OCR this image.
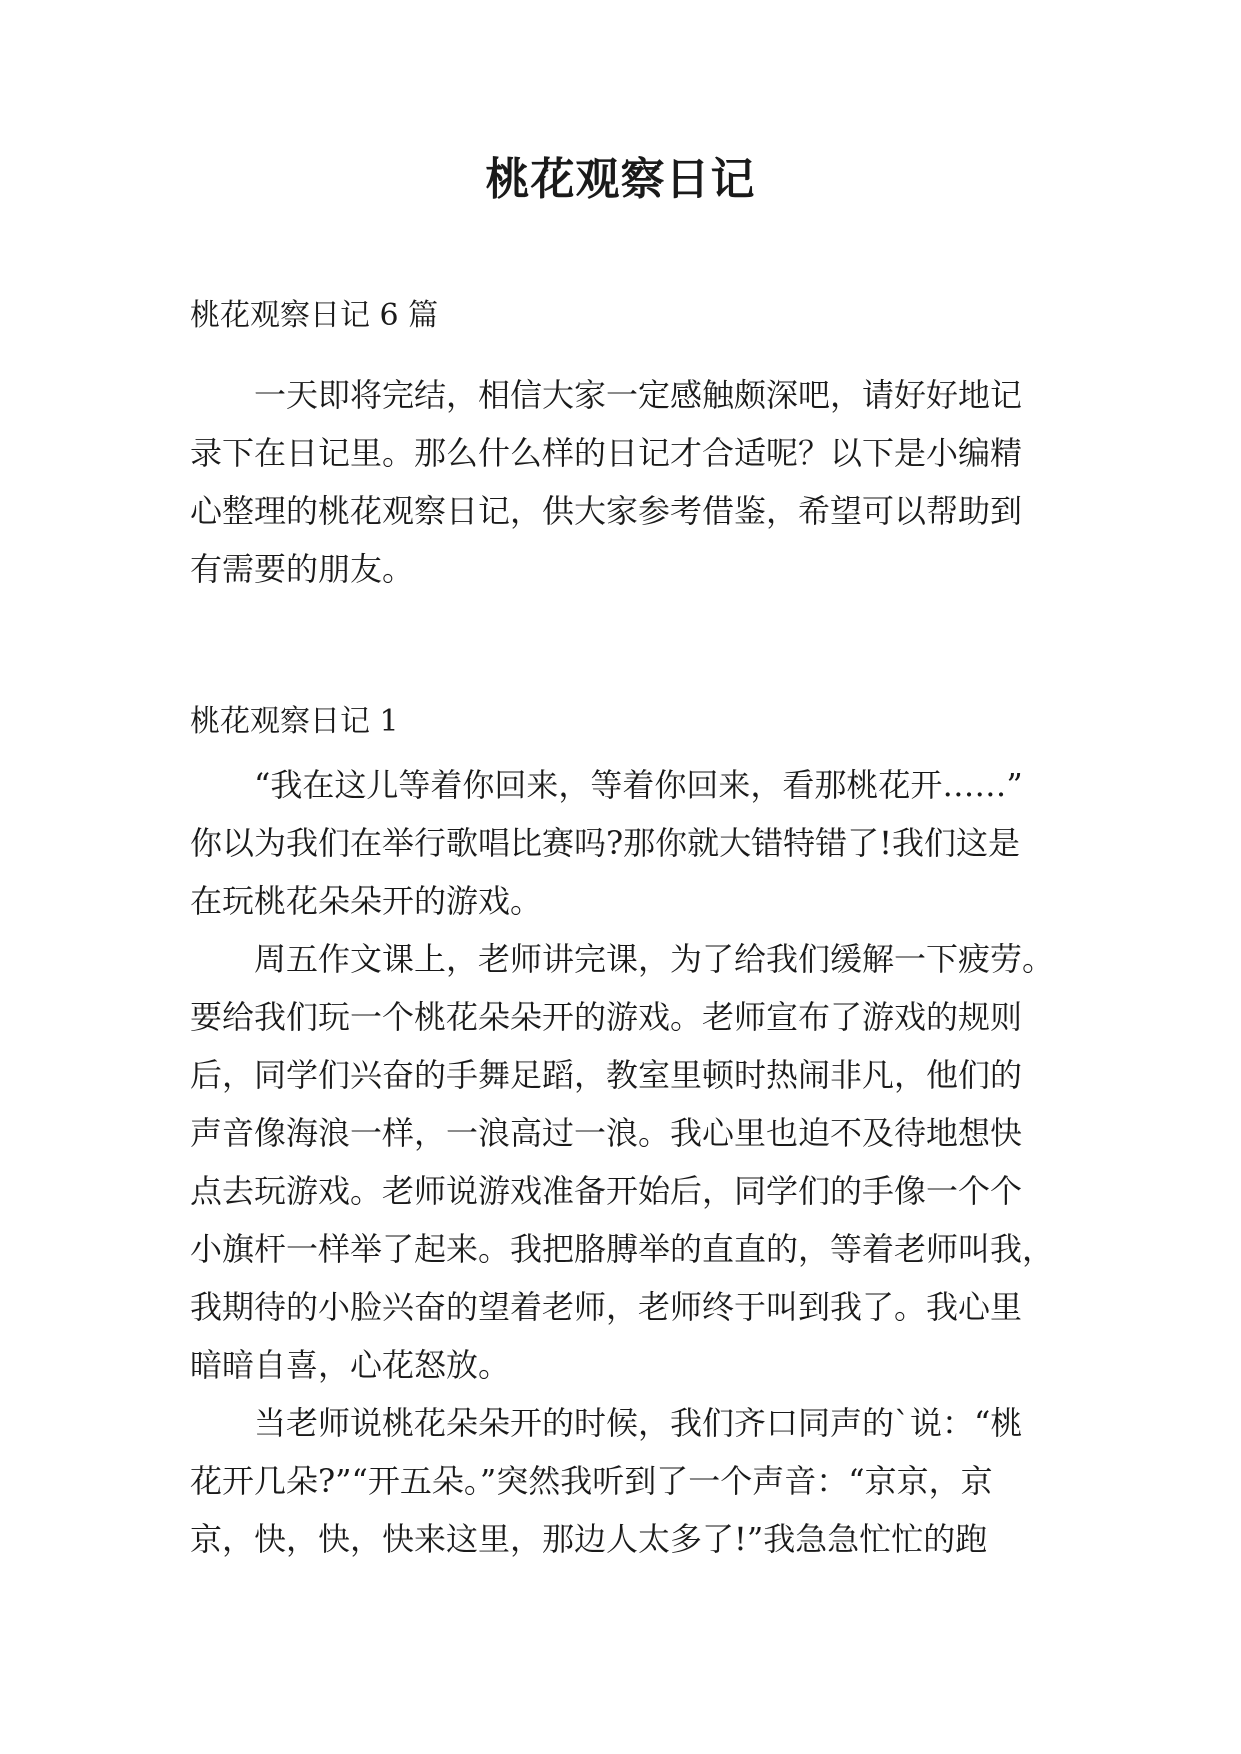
桃花观察日记
桃花观察日记 6 篇
一天即将完结，相信大家一定感触颇深吧，请好好地记
录下在日记里。那么什么样的日记才合适呢？以下是小编精
心整理的桃花观察日记，供大家参考借鉴，希望可以帮助到
有需要的朋友。
桃花观察日记 1
“我在这儿等着你回来，等着你回来，看那桃花开……”
你以为我们在举行歌唱比赛吗?那你就大错特错了!我们这是
在玩桃花朵朵开的游戏。
周五作文课上，老师讲完课，为了给我们缓解一下疲劳。
要给我们玩一个桃花朵朵开的游戏。老师宣布了游戏的规则
后，同学们兴奋的手舞足蹈，教室里顿时热闹非凡，他们的
声音像海浪一样，一浪高过一浪。我心里也迫不及待地想快
点去玩游戏。老师说游戏准备开始后，同学们的手像一个个
小旗杆一样举了起来。我把胳膊举的直直的，等着老师叫我，
我期待的小脸兴奋的望着老师，老师终于叫到我了。我心里
暗暗自喜，心花怒放。
当老师说桃花朵朵开的时候，我们齐口同声的`说：“桃
花开几朵?”“开五朵。”突然我听到了一个声音：“京京，京
京，快，快，快来这里，那边人太多了!”我急急忙忙的跑
